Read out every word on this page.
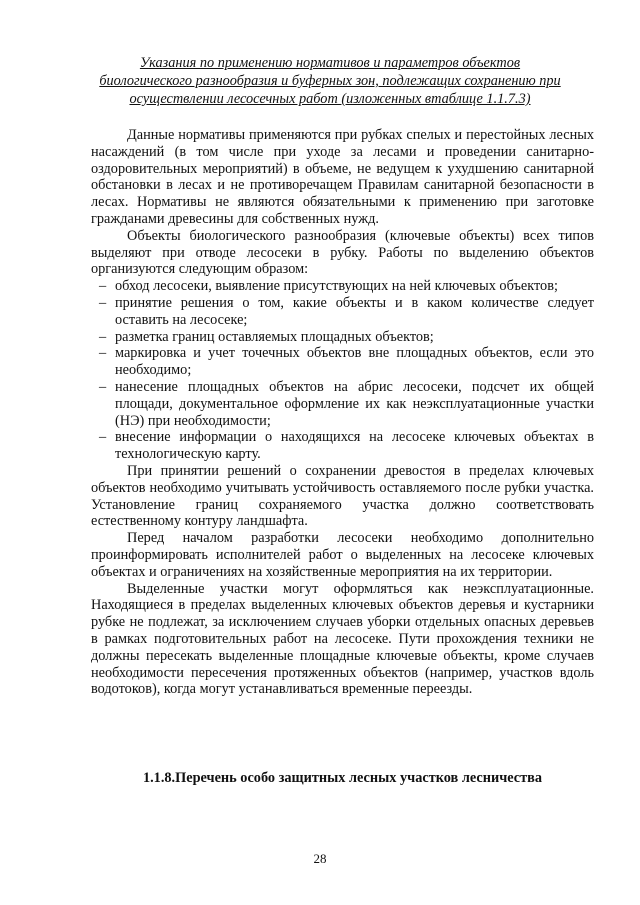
Указания по применению нормативов и параметров объектов
биологического разнообразия и буферных зон, подлежащих сохранению при
осуществлении лесосечных работ (изложенных втаблице 1.1.7.3)

Данные нормативы применяются при рубках спелых и перестойных лесных насаждений (в том числе при уходе за лесами и проведении санитарно-оздоровительных мероприятий) в объеме, не ведущем к ухудшению санитарной обстановки в лесах и не противоречащем Правилам санитарной безопасности в лесах. Нормативы не являются обязательными к применению при заготовке гражданами древесины для собственных нужд.

Объекты биологического разнообразия (ключевые объекты) всех типов выделяют при отводе лесосеки в рубку. Работы по выделению объектов организуются следующим образом:

– обход лесосеки, выявление присутствующих на ней ключевых объектов;
– принятие решения о том, какие объекты и в каком количестве следует оставить на лесосеке;
– разметка границ оставляемых площадных объектов;
– маркировка и учет точечных объектов вне площадных объектов, если это необходимо;
– нанесение площадных объектов на абрис лесосеки, подсчет их общей площади, документальное оформление их как неэксплуатационные участки (НЭ) при необходимости;
– внесение информации о находящихся на лесосеке ключевых объектах в технологическую карту.

При принятии решений о сохранении древостоя в пределах ключевых объектов необходимо учитывать устойчивость оставляемого после рубки участка. Установление границ сохраняемого участка должно соответствовать естественному контуру ландшафта.

Перед началом разработки лесосеки необходимо дополнительно проинформировать исполнителей работ о выделенных на лесосеке ключевых объектах и ограничениях на хозяйственные мероприятия на их территории.

Выделенные участки могут оформляться как неэксплуатационные. Находящиеся в пределах выделенных ключевых объектов деревья и кустарники рубке не подлежат, за исключением случаев уборки отдельных опасных деревьев в рамках подготовительных работ на лесосеке. Пути прохождения техники не должны пересекать выделенные площадные ключевые объекты, кроме случаев необходимости пересечения протяженных объектов (например, участков вдоль водотоков), когда могут устанавливаться временные переезды.

1.1.8.Перечень особо защитных лесных участков лесничества
28
